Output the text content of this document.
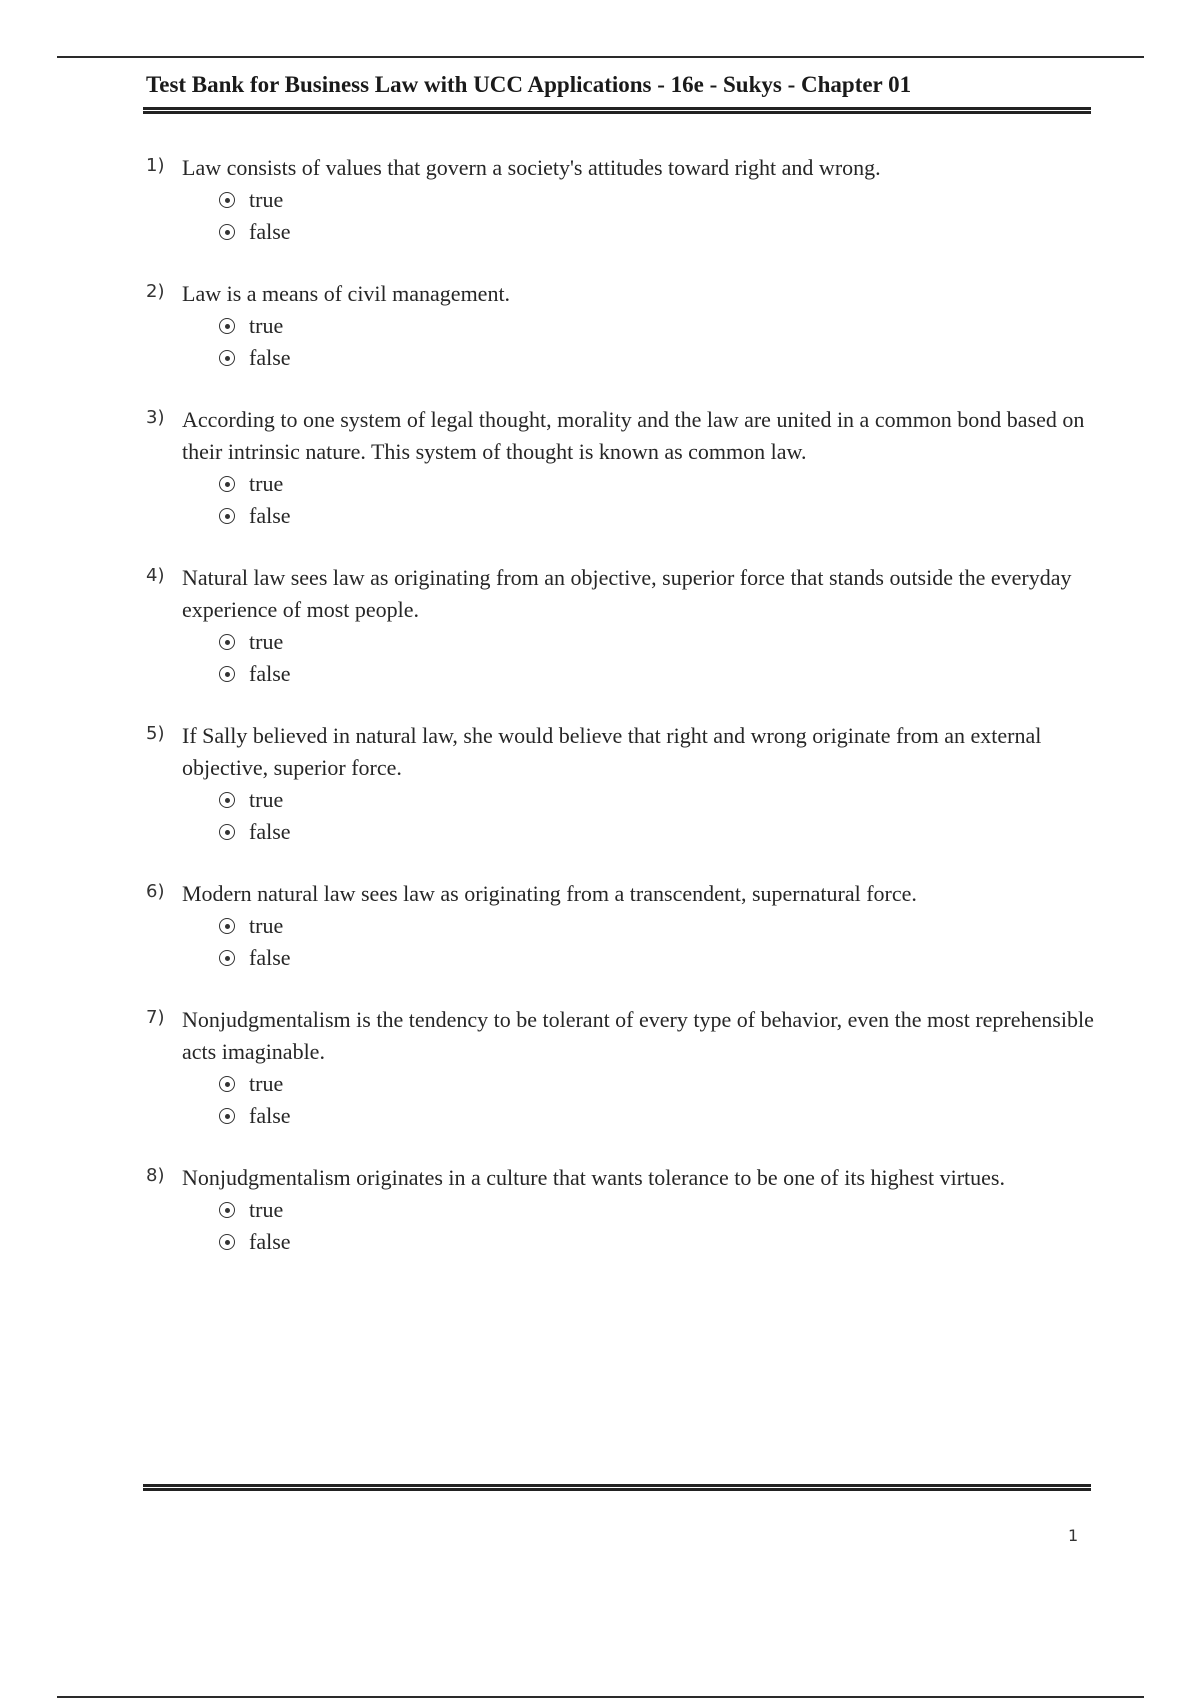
Test Bank for Business Law with UCC Applications - 16e - Sukys - Chapter 01
1) Law consists of values that govern a society's attitudes toward right and wrong.
true
false
2) Law is a means of civil management.
true
false
3) According to one system of legal thought, morality and the law are united in a common bond based on their intrinsic nature. This system of thought is known as common law.
true
false
4) Natural law sees law as originating from an objective, superior force that stands outside the everyday experience of most people.
true
false
5) If Sally believed in natural law, she would believe that right and wrong originate from an external objective, superior force.
true
false
6) Modern natural law sees law as originating from a transcendent, supernatural force.
true
false
7) Nonjudgmentalism is the tendency to be tolerant of every type of behavior, even the most reprehensible acts imaginable.
true
false
8) Nonjudgmentalism originates in a culture that wants tolerance to be one of its highest virtues.
true
false
1
